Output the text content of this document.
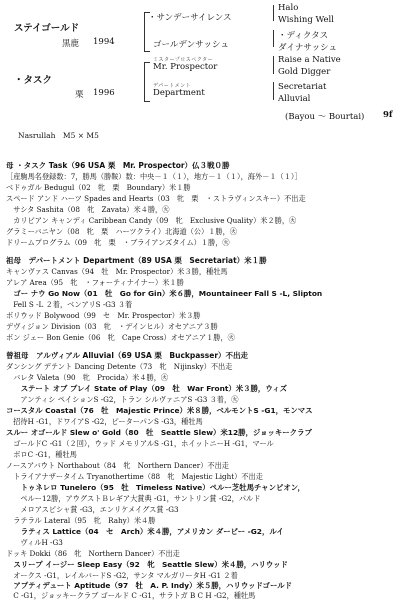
ステイゴールド
黒鹿 1994
・タスク
栗 1996
・サンデーサイレンス
ゴールデンサッシュ
ミスタープロスペクター
Mr. Prospector
デパートメント
Department
Halo
Wishing Well
・ディクタス
ダイナサッシュ
Raise a Native
Gold Digger
Secretariat
Alluvial
(Bayou ～ Bourtai) 9f
Nasrullah　M5 × M5
母 ・タスク Task（96 USA 栗　Mr. Prospector）仏３戦０勝
［産駒馬名登録数：7，勝馬（勝鞍）数：中央－１（１），地方－１（１），海外－１（１）］
ベドゥガル Bedugul（02　牝　栗　Boundary）米１勝
スペード アンド ハーツ Spades and Hearts（03　牝　栗　・ストラヴィンスキー）不出走
　サシタ Sashita（08　牝　Zavata）米４勝，㊋
　カリビアン キャンディ Caribbean Candy（09　牝　Exclusive Quality）米２勝，㊋
グラミーバニヤン（08　牝　栗　ハーツクライ）北海道（公）１勝，㊋
ドリームプログラム（09　牝　栗　・ブライアンズタイム）１勝，㊋
祖母　デパートメント Department（89 USA 栗　Secretariat）米１勝
キャンヴァス Canvas（94　牡　Mr. Prospector）米３勝，種牡馬
アレア Area（95　牝　・フォーティナイナー）米１勝
　ゴー ナウ Go Now（01　牡　Go for Gin）米６勝，Mountaineer Fall S -L, Slipton
　Fell S -L ２着，ベンアリS -G3 ３着
ボリウッド Bolywood（99　セ　Mr. Prospector）米３勝
デヴィジョン Division（03　牝　・デインヒル）オセアニア３勝
ボン ジェー Bon Genie（06　牝　Cape Cross）オセアニア１勝，㊋
曾祖母　アルヴィアル Alluvial（69 USA 栗　Buckpasser）不出走
ダンシング デテント Dancing Detente（73　牝　Nijinsky）不出走
　バレタ Valeta（90　牝　Procida）米４勝，㊋
　　ステート オブ プレイ State of Play（09　牡　War Front）米３勝，ウィズ
　　アンティシ ペイションS -G2，トラン シルヴァニアS -G3 ３着，㊋
コースタル Coastal（76　牡　Majestic Prince）米８勝，ベルモントS -G1，モンマス
　招待H -G1，ドワイアS -G2，ピーターパンS -G3，種牡馬
スルー オゴールド Slew o' Gold（80　牡　Seattle Slew）米12勝，ジョッキークラブ
　ゴールドC -G1（２回），ウッド メモリアルS -G1，ホイットニーH -G1，マール
　ボロC -G1，種牡馬
ノースアバウト Northabout（84　牝　Northern Dancer）不出走
　トライアナザータイム Tryanothertime（88　牝　Majestic Light）不出走
　　トゥネレロ Tunelero（95　牡　Timeless Native）ペルー芝牡馬チャンピオン，
　　ペルー12勝，アウグストＢレギア大賞典 -G1，サントリン賞 -G2，パルド
　　メロアスピシャ賞 -G3，エンリケメイグス賞 -G3
　ラテラル Lateral（95　牝　Rahy）米４勝
　　ラティス Lattice（04　セ　Arch）米４勝，アメリカン ダービー -G2，ルイ
　　ヴィルH -G3
ドッキ Dokki（86　牝　Northern Dancer）不出走
　スリープ イージー Sleep Easy（92　牝　Seattle Slew）米４勝，ハリウッド
　オークス -G1，レイルバードS -G2，サンタ マルガリータH -G1 ２着
　アプティデュート Aptitude（97　牡　A. P. Indy）米５勝，ハリウッドゴールド
　C -G1，ジョッキークラブ ゴールド C -G1，サラトガ B C H -G2，種牡馬
